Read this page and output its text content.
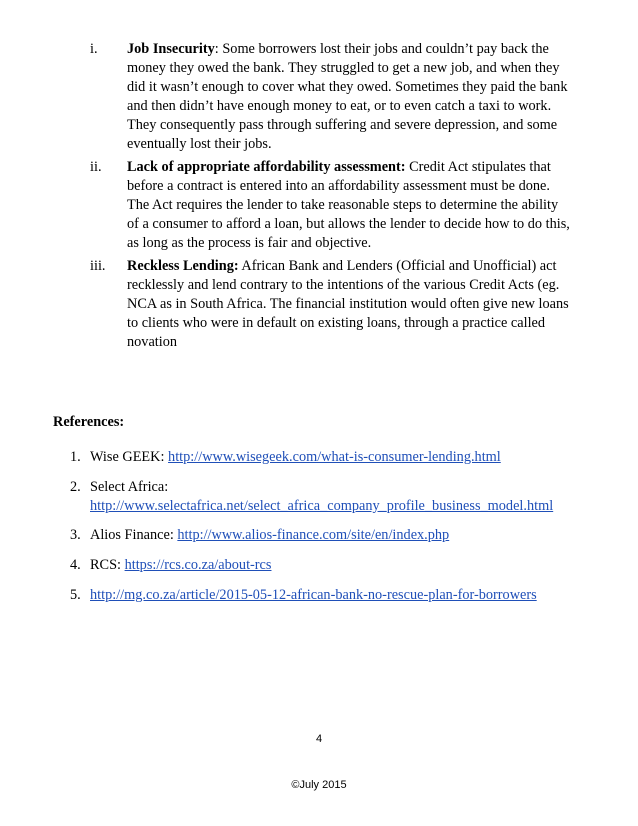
i. Job Insecurity: Some borrowers lost their jobs and couldn’t pay back the money they owed the bank. They struggled to get a new job, and when they did it wasn’t enough to cover what they owed. Sometimes they paid the bank and then didn’t have enough money to eat, or to even catch a taxi to work. They consequently pass through suffering and severe depression, and some eventually lost their jobs.
ii. Lack of appropriate affordability assessment: Credit Act stipulates that before a contract is entered into an affordability assessment must be done. The Act requires the lender to take reasonable steps to determine the ability of a consumer to afford a loan, but allows the lender to decide how to do this, as long as the process is fair and objective.
iii. Reckless Lending: African Bank and Lenders (Official and Unofficial) act recklessly and lend contrary to the intentions of the various Credit Acts (eg. NCA as in South Africa. The financial institution would often give new loans to clients who were in default on existing loans, through a practice called novation
References:
1. Wise GEEK: http://www.wisegeek.com/what-is-consumer-lending.html
2. Select Africa:
http://www.selectafrica.net/select_africa_company_profile_business_model.html
3. Alios Finance: http://www.alios-finance.com/site/en/index.php
4. RCS: https://rcs.co.za/about-rcs
5. http://mg.co.za/article/2015-05-12-african-bank-no-rescue-plan-for-borrowers
4
©July 2015
